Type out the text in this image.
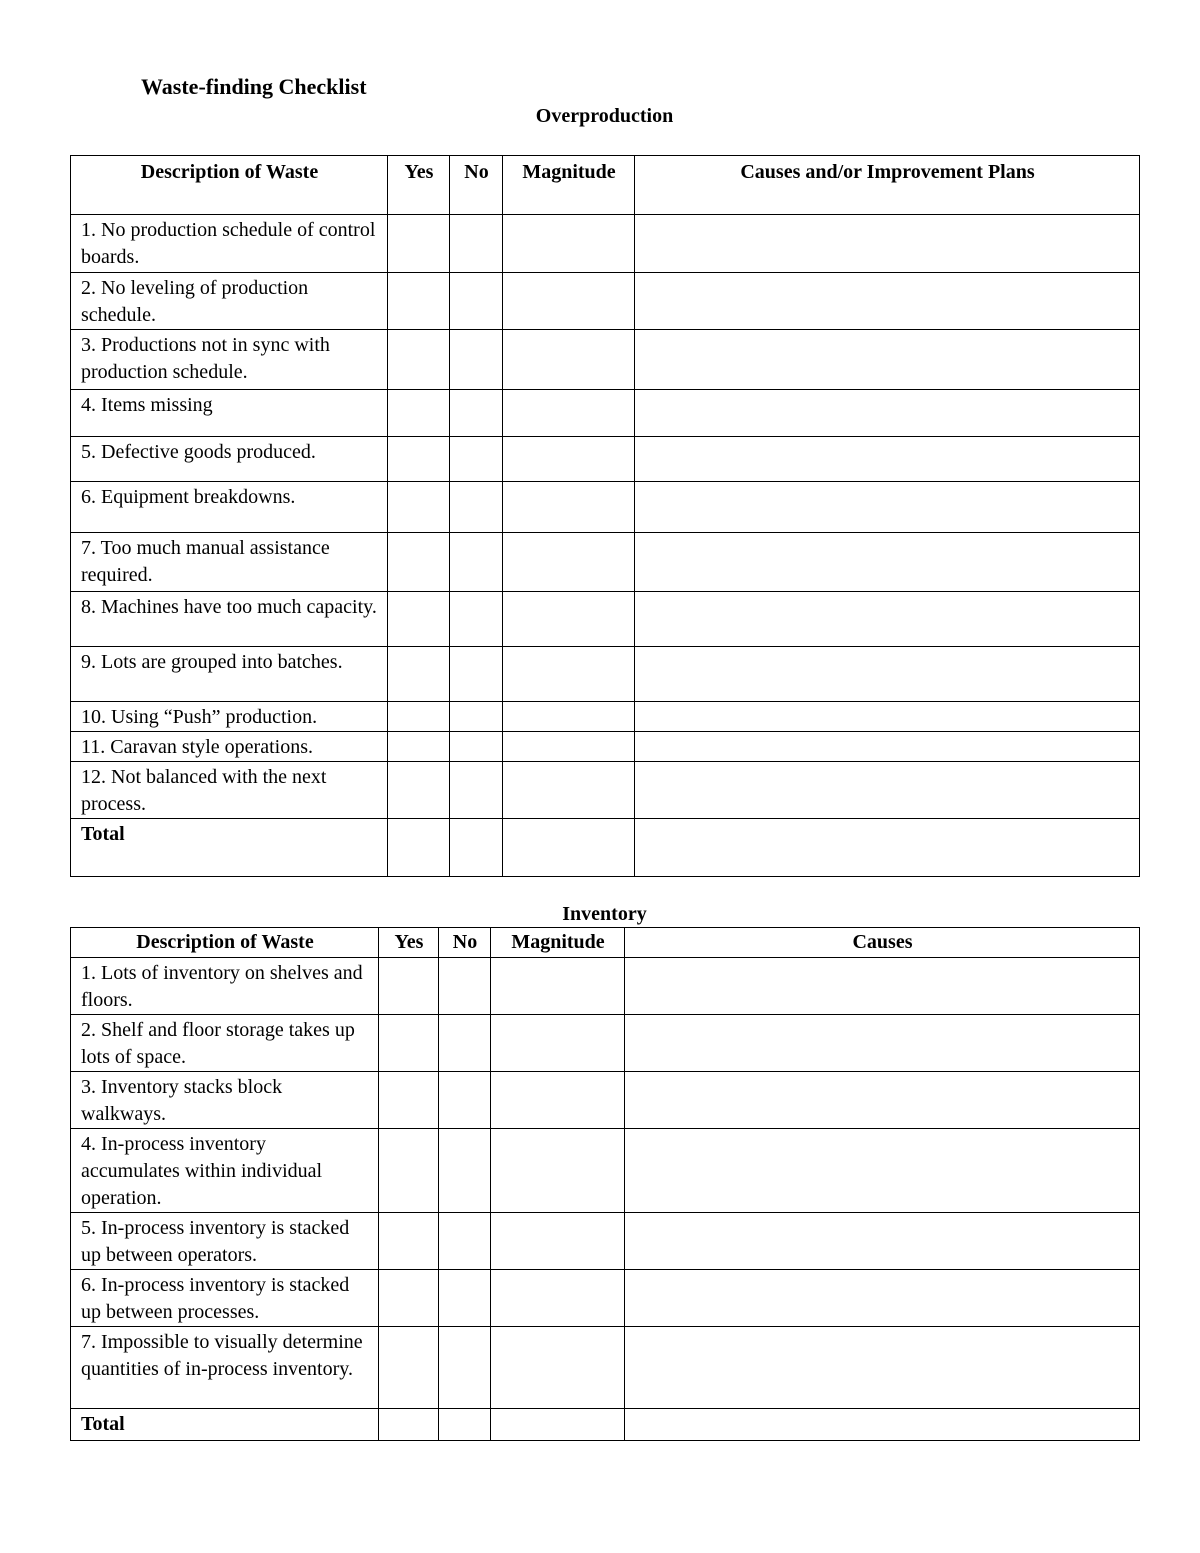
Waste-finding Checklist
Overproduction
Description of Waste	Yes	No	Magnitude	Causes and/or Improvement Plans
1. No production schedule of control boards.				
2. No leveling of production schedule.				
3. Productions not in sync with production schedule.				
4. Items missing				
5. Defective goods produced.				
6. Equipment breakdowns.				
7. Too much manual assistance required.				
8. Machines have too much capacity.				
9. Lots are grouped into batches.				
10. Using “Push” production.				
11. Caravan style operations.				
12. Not balanced with the next process.				
Total				
Inventory
Description of Waste	Yes	No	Magnitude	Causes
1. Lots of inventory on shelves and floors.				
2. Shelf and floor storage takes up lots of space.				
3. Inventory stacks block walkways.				
4. In-process inventory accumulates within individual operation.				
5. In-process inventory is stacked up between operators.				
6. In-process inventory is stacked up between processes.				
7. Impossible to visually determine quantities of in-process inventory.				
Total				
